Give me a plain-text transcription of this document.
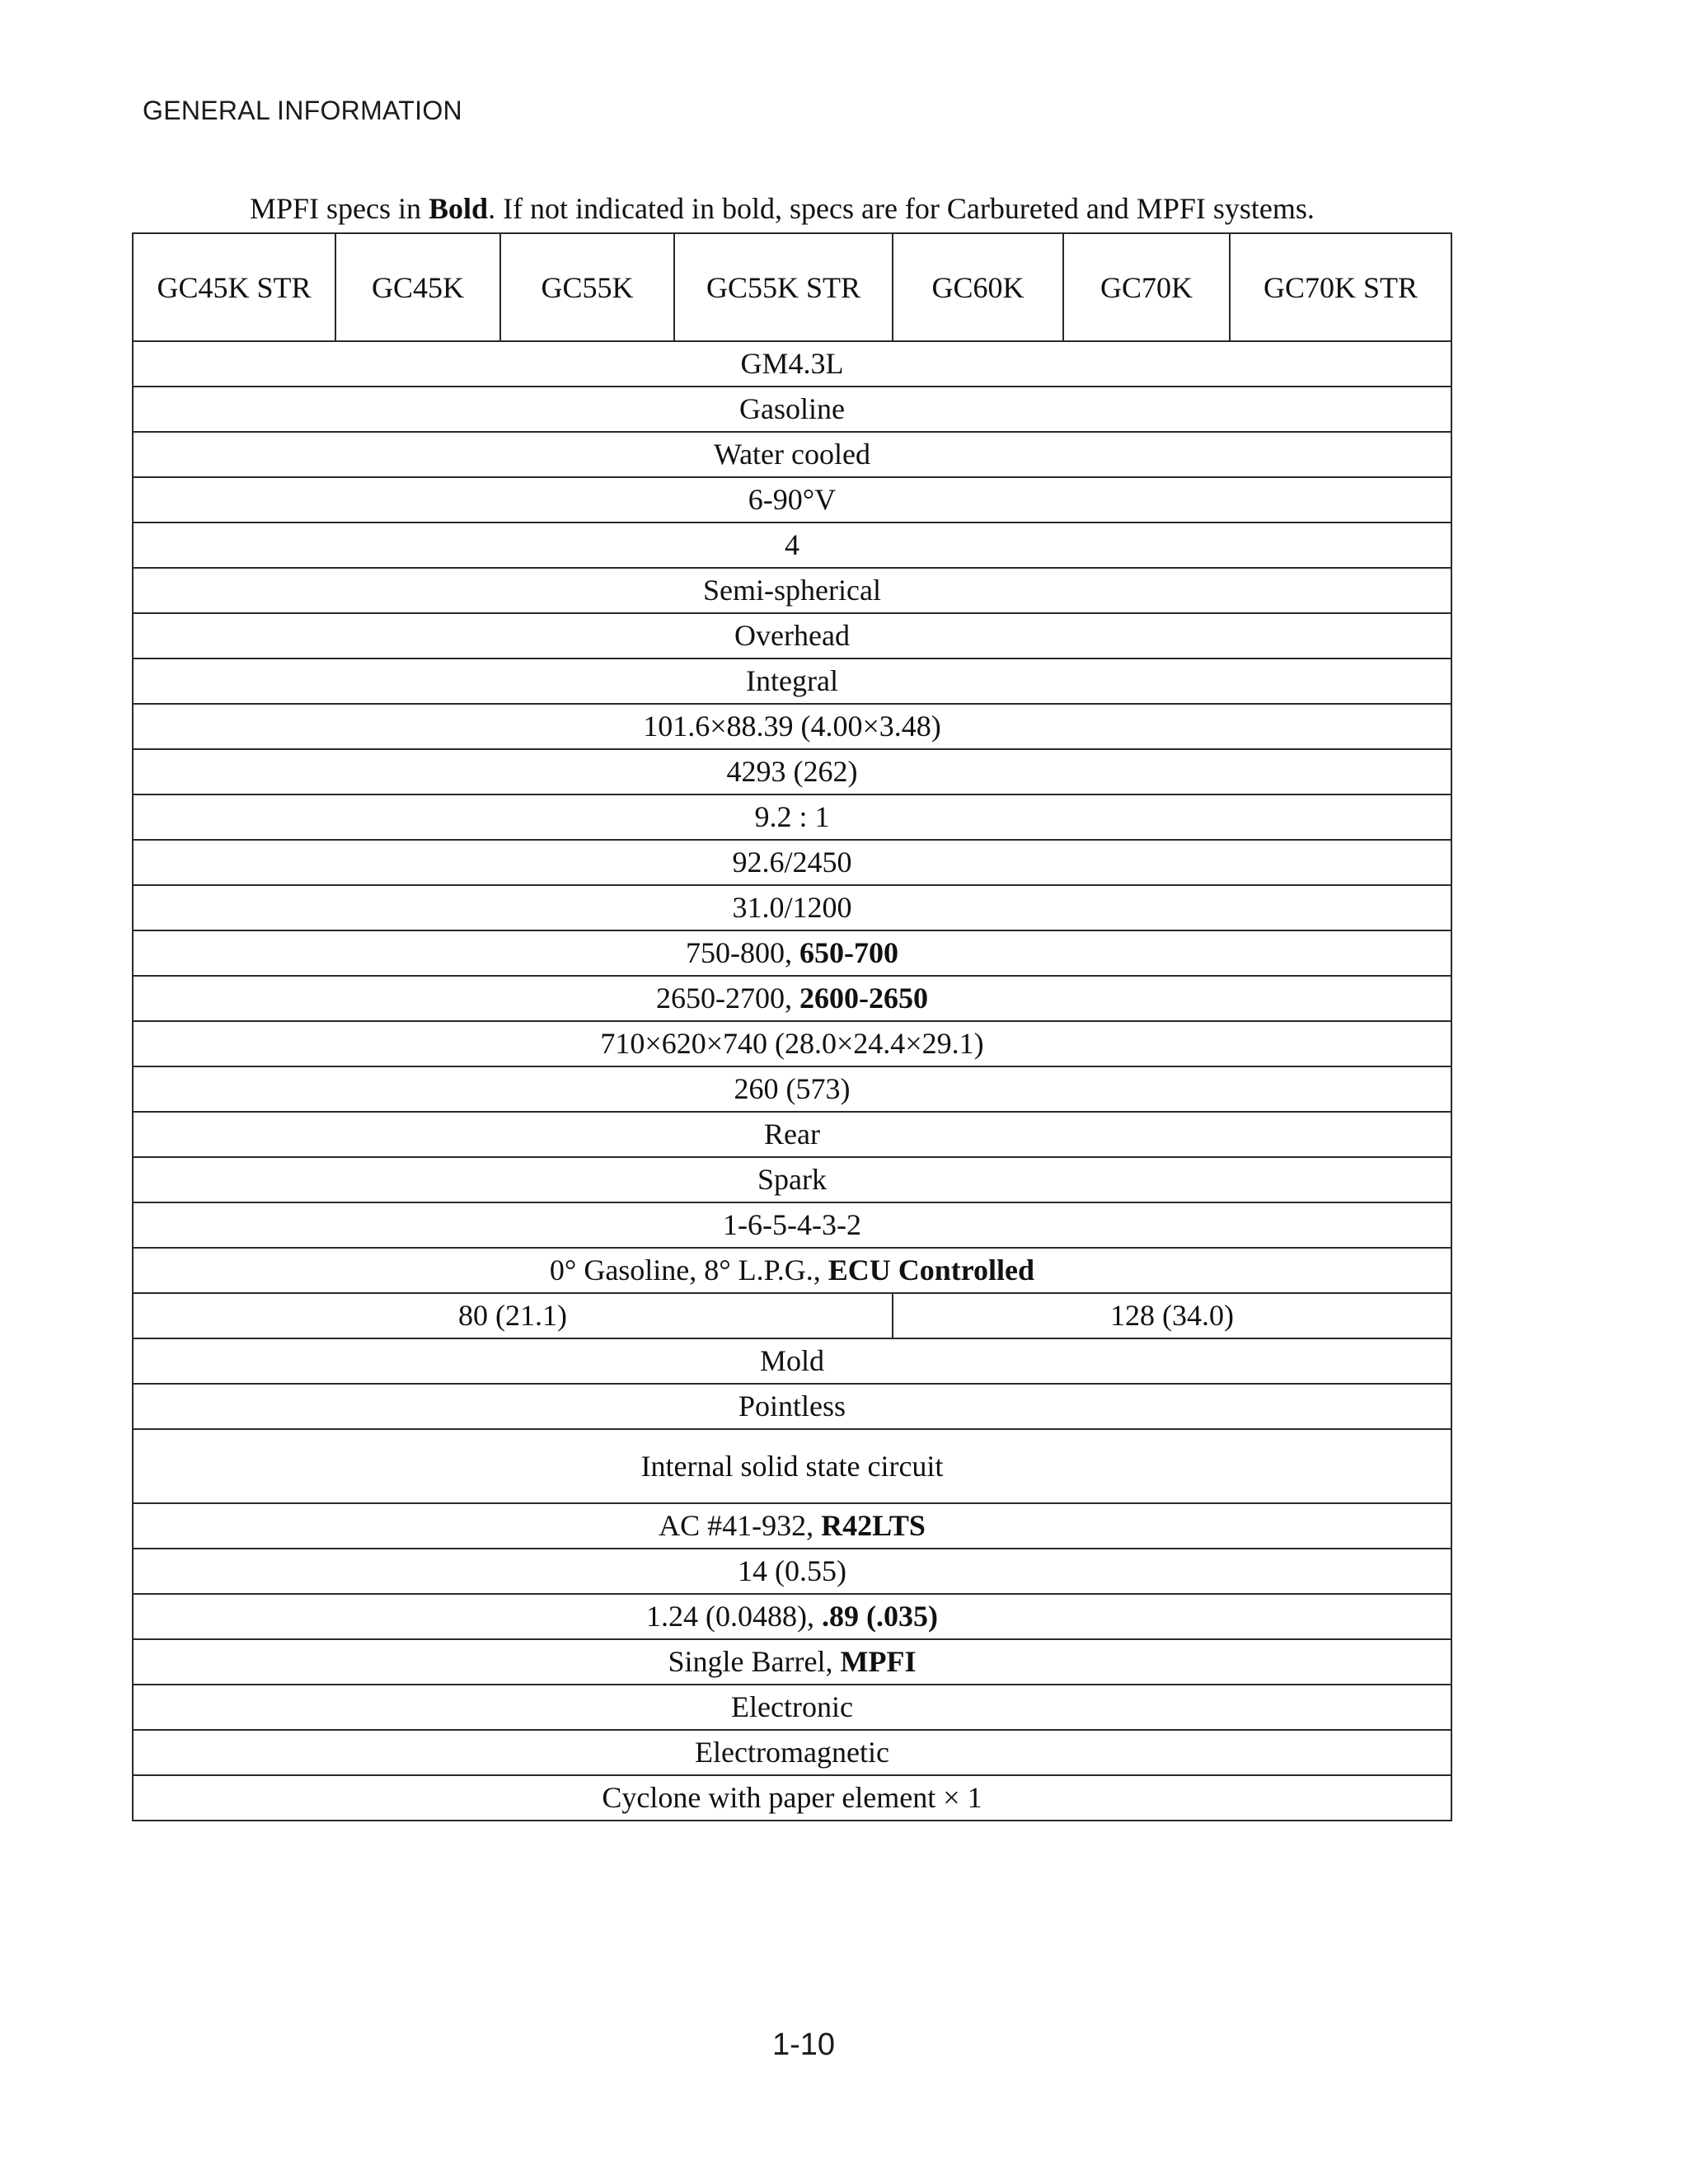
GENERAL INFORMATION
MPFI specs in Bold. If not indicated in bold, specs are for Carbureted and MPFI systems.
GC45K STR	GC45K	GC55K	GC55K STR	GC60K	GC70K	GC70K STR
GM4.3L						
Gasoline						
Water cooled						
6-90°V						
4						
Semi-spherical						
Overhead						
Integral						
101.6×88.39 (4.00×3.48)						
4293 (262)						
9.2 : 1						
92.6/2450						
31.0/1200						
750-800, 650-700						
2650-2700, 2600-2650						
710×620×740 (28.0×24.4×29.1)						
260 (573)						
Rear						
Spark						
1-6-5-4-3-2						
0° Gasoline, 8° L.P.G., ECU Controlled						
80 (21.1)				128 (34.0)		
Mold						
Pointless						
Internal solid state circuit						
AC #41-932, R42LTS						
14 (0.55)						
1.24 (0.0488), .89 (.035)						
Single Barrel, MPFI						
Electronic						
Electromagnetic						
Cyclone with paper element × 1						
1-10
